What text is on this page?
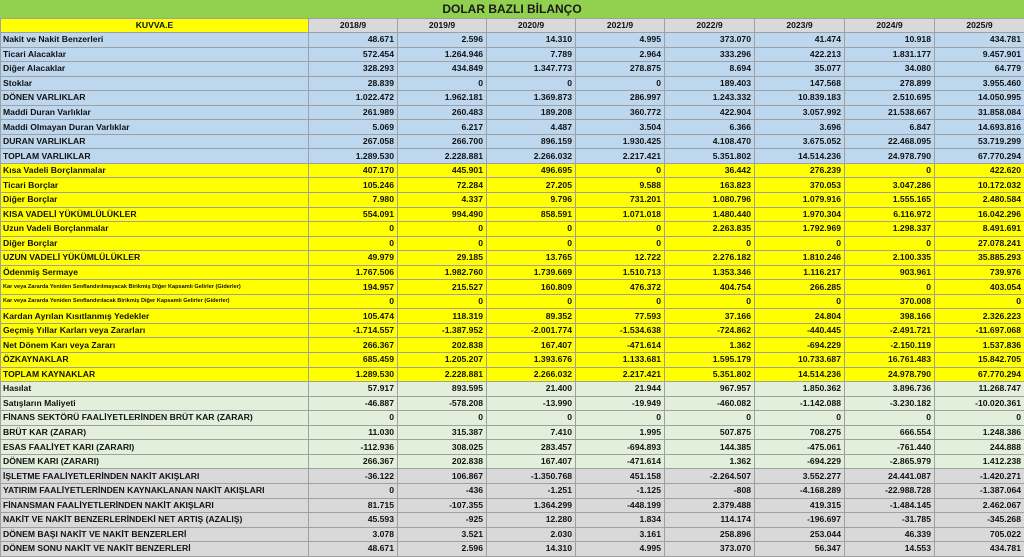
DOLAR BAZLI BİLANÇO
KUVVA.E	2018/9	2019/9	2020/9	2021/9	2022/9	2023/9	2024/9	2025/9
Nakit ve Nakit Benzerleri	48.671	2.596	14.310	4.995	373.070	41.474	10.918	434.781
Ticari Alacaklar	572.454	1.264.946	7.789	2.964	333.296	422.213	1.831.177	9.457.901
Diğer Alacaklar	328.293	434.849	1.347.773	278.875	8.694	35.077	34.080	64.779
Stoklar	28.839	0	0	0	189.403	147.568	278.899	3.955.460
DÖNEN VARLIKLAR	1.022.472	1.962.181	1.369.873	286.997	1.243.332	10.839.183	2.510.695	14.050.995
Maddi Duran Varlıklar	261.989	260.483	189.208	360.772	422.904	3.057.992	21.538.667	31.858.084
Maddi Olmayan Duran Varlıklar	5.069	6.217	4.487	3.504	6.366	3.696	6.847	14.693.816
DURAN VARLIKLAR	267.058	266.700	896.159	1.930.425	4.108.470	3.675.052	22.468.095	53.719.299
TOPLAM VARLIKLAR	1.289.530	2.228.881	2.266.032	2.217.421	5.351.802	14.514.236	24.978.790	67.770.294
Kısa Vadeli Borçlanmalar	407.170	445.901	496.695	0	36.442	276.239	0	422.620
Ticari Borçlar	105.246	72.284	27.205	9.588	163.823	370.053	3.047.286	10.172.032
Diğer Borçlar	7.980	4.337	9.796	731.201	1.080.796	1.079.916	1.555.165	2.480.584
KISA VADELİ YÜKÜMLÜLÜKLER	554.091	994.490	858.591	1.071.018	1.480.440	1.970.304	6.116.972	16.042.296
Uzun Vadeli Borçlanmalar	0	0	0	0	2.263.835	1.792.969	1.298.337	8.491.691
Diğer Borçlar	0	0	0	0	0	0	0	27.078.241
UZUN VADELİ YÜKÜMLÜLÜKLER	49.979	29.185	13.765	12.722	2.276.182	1.810.246	2.100.335	35.885.293
Ödenmiş Sermaye	1.767.506	1.982.760	1.739.669	1.510.713	1.353.346	1.116.217	903.961	739.976
Kar veya Zararda Yeniden Sınıflandırılmayacak Birikmiş Diğer Kapsamlı Gelirler (Giderler)	194.957	215.527	160.809	476.372	404.754	266.285	0	403.054
Kar veya Zararda Yeniden Sınıflandırılacak Birikmiş Diğer Kapsamlı Gelirler (Giderler)	0	0	0	0	0	0	370.008	0
Kardan Ayrılan Kısıtlanmış Yedekler	105.474	118.319	89.352	77.593	37.166	24.804	398.166	2.326.223
Geçmiş Yıllar Karları veya Zararları	-1.714.557	-1.387.952	-2.001.774	-1.534.638	-724.862	-440.445	-2.491.721	-11.697.068
Net Dönem Karı veya Zararı	266.367	202.838	167.407	-471.614	1.362	-694.229	-2.150.119	1.537.836
ÖZKAYNAKLAR	685.459	1.205.207	1.393.676	1.133.681	1.595.179	10.733.687	16.761.483	15.842.705
TOPLAM KAYNAKLAR	1.289.530	2.228.881	2.266.032	2.217.421	5.351.802	14.514.236	24.978.790	67.770.294
Hasılat	57.917	893.595	21.400	21.944	967.957	1.850.362	3.896.736	11.268.747
Satışların Maliyeti	-46.887	-578.208	-13.990	-19.949	-460.082	-1.142.088	-3.230.182	-10.020.361
FİNANS SEKTÖRÜ FAALİYETLERİNDEN BRÜT KAR (ZARAR)	0	0	0	0	0	0	0	0
BRÜT KAR (ZARAR)	11.030	315.387	7.410	1.995	507.875	708.275	666.554	1.248.386
ESAS FAALİYET KARI (ZARARI)	-112.936	308.025	283.457	-694.893	144.385	-475.061	-761.440	244.888
DÖNEM KARI (ZARARI)	266.367	202.838	167.407	-471.614	1.362	-694.229	-2.865.979	1.412.238
İŞLETME FAALİYETLERİNDEN NAKİT AKIŞLARI	-36.122	106.867	-1.350.768	451.158	-2.264.507	3.552.277	24.441.087	-1.420.271
YATIRIM FAALİYETLERİNDEN KAYNAKLANAN NAKİT AKIŞLARI	0	-436	-1.251	-1.125	-808	-4.168.289	-22.988.728	-1.387.064
FİNANSMAN FAALİYETLERİNDEN NAKİT AKIŞLARI	81.715	-107.355	1.364.299	-448.199	2.379.488	419.315	-1.484.145	2.462.067
NAKİT VE NAKİT BENZERLERİNDEKİ NET ARTIŞ (AZALIŞ)	45.593	-925	12.280	1.834	114.174	-196.697	-31.785	-345.268
DÖNEM BAŞI NAKİT VE NAKİT BENZERLERİ	3.078	3.521	2.030	3.161	258.896	253.044	46.339	705.022
DÖNEM SONU NAKİT VE NAKİT BENZERLERİ	48.671	2.596	14.310	4.995	373.070	56.347	14.553	434.781
